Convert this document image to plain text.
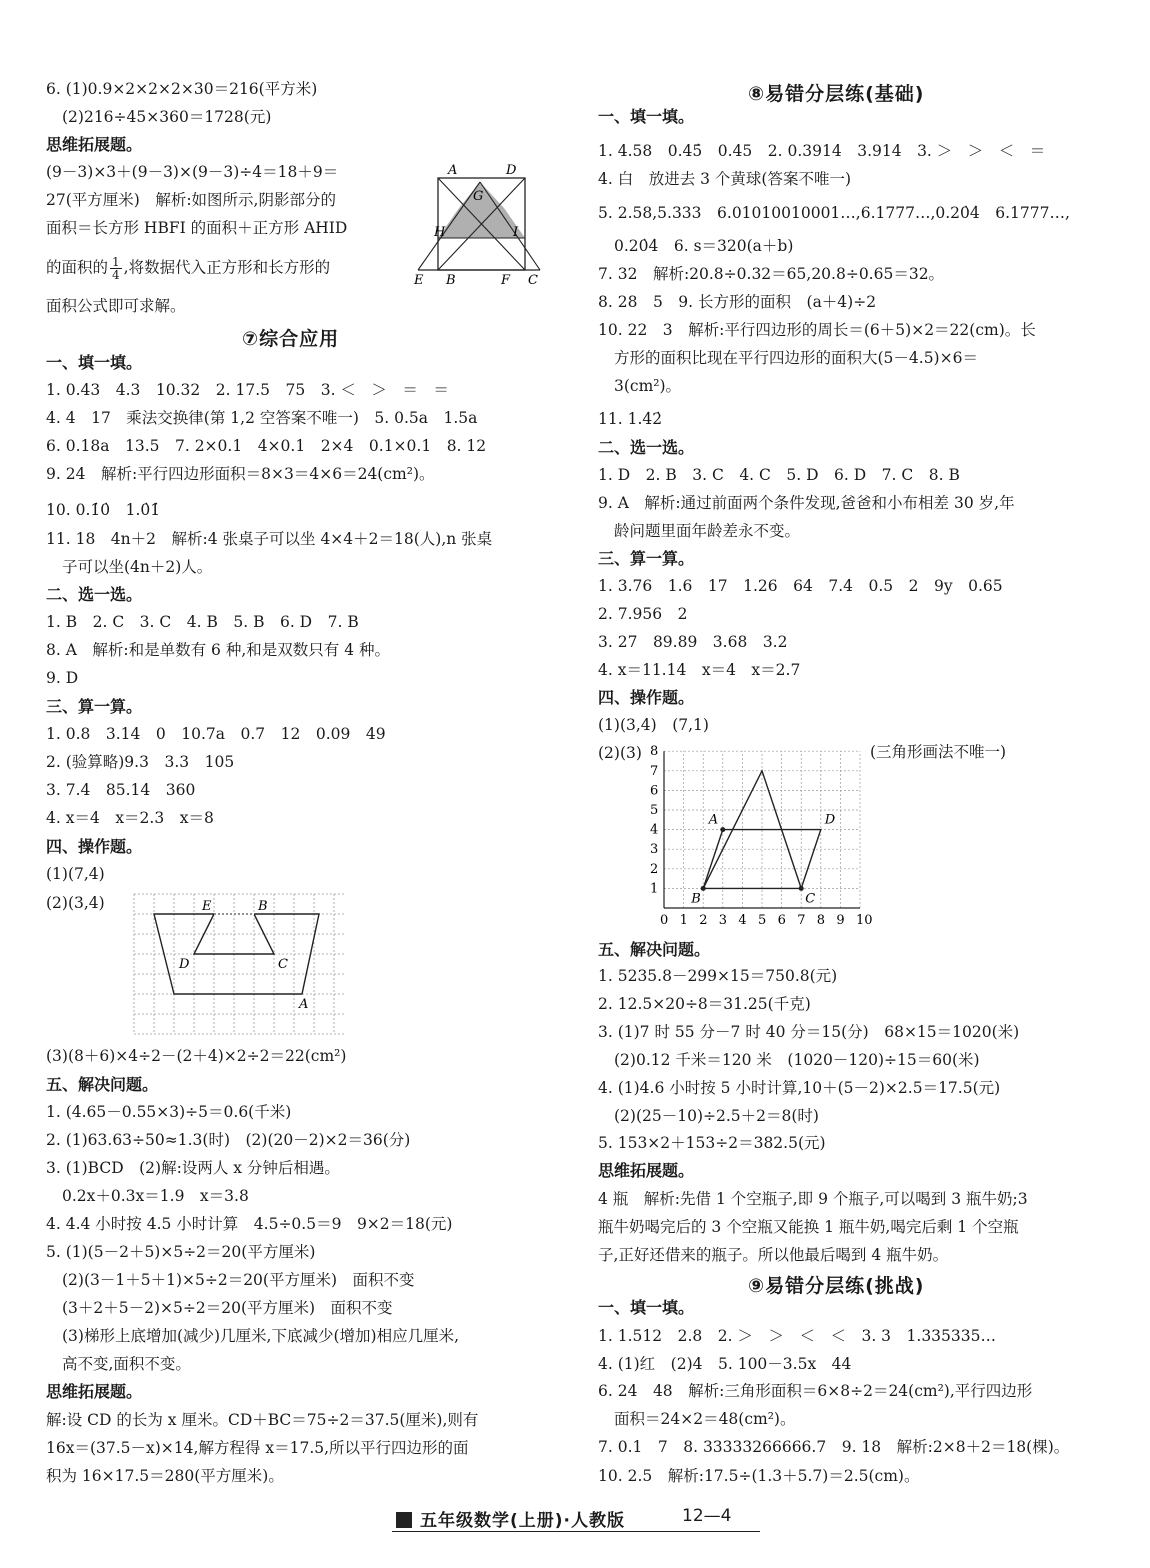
6. (1)0.9×2×2×2×30＝216(平方米)
(2)216÷45×360＝1728(元)
思维拓展题。
(9－3)×3＋(9－3)×(9－3)÷4＝18＋9＝
27(平方厘米)　解析:如图所示,阴影部分的
面积＝长方形 HBFI 的面积＋正方形 AHID
的面积的 $\frac{1}{4}$ ,将数据代入正方形和长方形的
面积公式即可求解。
⑦综合应用
一、填一填。
1. 0.43　4.3　10.32　2. 17.5　75　3. ＜　＞　＝　＝
4. 4　17　乘法交换律(第 1,2 空答案不唯一)　5. 0.5a　1.5a
6. 0.18a　13.5　7. 2×0.1　4×0.1　2×4　0.1×0.1　8. 12
9. 24　解析:平行四边形面积＝8×3＝4×6＝24(cm²)。
10. 0.1̇0̇　1.0̇1̇
11. 18　4n＋2　解析:4 张桌子可以坐 4×4＋2＝18(人),n 张桌
子可以坐(4n＋2)人。
二、选一选。
1. B　2. C　3. C　4. B　5. B　6. D　7. B
8. A　解析:和是单数有 6 种,和是双数只有 4 种。
9. D
三、算一算。
1. 0.8　3.14　0　10.7a　0.7　12　0.09　49
2. (验算略)9.3　3.3　105
3. 7.4　85.14　360
4. x＝4　x＝2.3　x＝8
四、操作题。
(1)(7,4)
(2)(3,4)
(3)(8＋6)×4÷2－(2＋4)×2÷2＝22(cm²)
五、解决问题。
1. (4.65－0.55×3)÷5＝0.6(千米)
2. (1)63.63÷50≈1.3(时)　(2)(20－2)×2＝36(分)
3. (1)BCD　(2)解:设两人 x 分钟后相遇。
0.2x＋0.3x＝1.9　x＝3.8
4. 4.4 小时按 4.5 小时计算　4.5÷0.5＝9　9×2＝18(元)
5. (1)(5－2＋5)×5÷2＝20(平方厘米)
(2)(3－1＋5＋1)×5÷2＝20(平方厘米)　面积不变
(3＋2＋5－2)×5÷2＝20(平方厘米)　面积不变
(3)梯形上底增加(减少)几厘米,下底减少(增加)相应几厘米,
高不变,面积不变。
思维拓展题。
解:设 CD 的长为 x 厘米。CD＋BC＝75÷2＝37.5(厘米),则有
16x＝(37.5－x)×14,解方程得 x＝17.5,所以平行四边形的面
积为 16×17.5＝280(平方厘米)。
A	D
G
H	I
E B	F C
E	B
D	C
A
⑧易错分层练(基础)
一、填一填。
1. 4.58　0.45̇　0.45　2. 0.3914　3.914　3. ＞　＞　＜　＝
4. 白　放进去 3 个黄球(答案不唯一)
5. 2.58,5.333　6.01010010001…,6.1777…,0.20̇4̇　6.1777…,
0.20̇4̇　6. s＝320(a＋b)
7. 32　解析:20.8÷0.32＝65,20.8÷0.65＝32。
8. 28　5　9. 长方形的面积　(a＋4)÷2
10. 22　3　解析:平行四边形的周长＝(6＋5)×2＝22(cm)。长
方形的面积比现在平行四边形的面积大(5－4.5)×6＝
3(cm²)。
11. 1.4̇2̇
二、选一选。
1. D　2. B　3. C　4. C　5. D　6. D　7. C　8. B
9. A　解析:通过前面两个条件发现,爸爸和小布相差 30 岁,年
龄问题里面年龄差永不变。
三、算一算。
1. 3.76　1.6　17　1.26　64　7.4　0.5　2　9y　0.65
2. 7.956　2
3. 27　89.89　3.68　3.2
4. x＝11.14　x＝4　x＝2.7
四、操作题。
(1)(3,4)　(7,1)
(2)(3)	(三角形画法不唯一)
五、解决问题。
1. 5235.8－299×15＝750.8(元)
2. 12.5×20÷8＝31.25(千克)
3. (1)7 时 55 分－7 时 40 分＝15(分)　68×15＝1020(米)
(2)0.12 千米＝120 米　(1020－120)÷15＝60(米)
4. (1)4.6 小时按 5 小时计算,10＋(5－2)×2.5＝17.5(元)
(2)(25－10)÷2.5＋2＝8(时)
5. 153×2＋153÷2＝382.5(元)
思维拓展题。
4 瓶　解析:先借 1 个空瓶子,即 9 个瓶子,可以喝到 3 瓶牛奶;3
瓶牛奶喝完后的 3 个空瓶又能换 1 瓶牛奶,喝完后剩 1 个空瓶
子,正好还借来的瓶子。所以他最后喝到 4 瓶牛奶。
⑨易错分层练(挑战)
一、填一填。
1. 1.512　2.8　2. ＞　＞　＜　＜　3. 3　1.335335…
4. (1)红　(2)4　5. 100－3.5x　44
6. 24　48　解析:三角形面积＝6×8÷2＝24(cm²),平行四边形
面积＝24×2＝48(cm²)。
7. 0.1　7　8. 33333266666.7　9. 18　解析:2×8＋2＝18(棵)。
10. 2.5　解析:17.5÷(1.3＋5.7)＝2.5(cm)。
0 1 2 3 4 5 6 7 8 9 10
1
2
3
4
5
6
7
8
A	D
B	C
五年级数学(上册)·人教版	12—4
